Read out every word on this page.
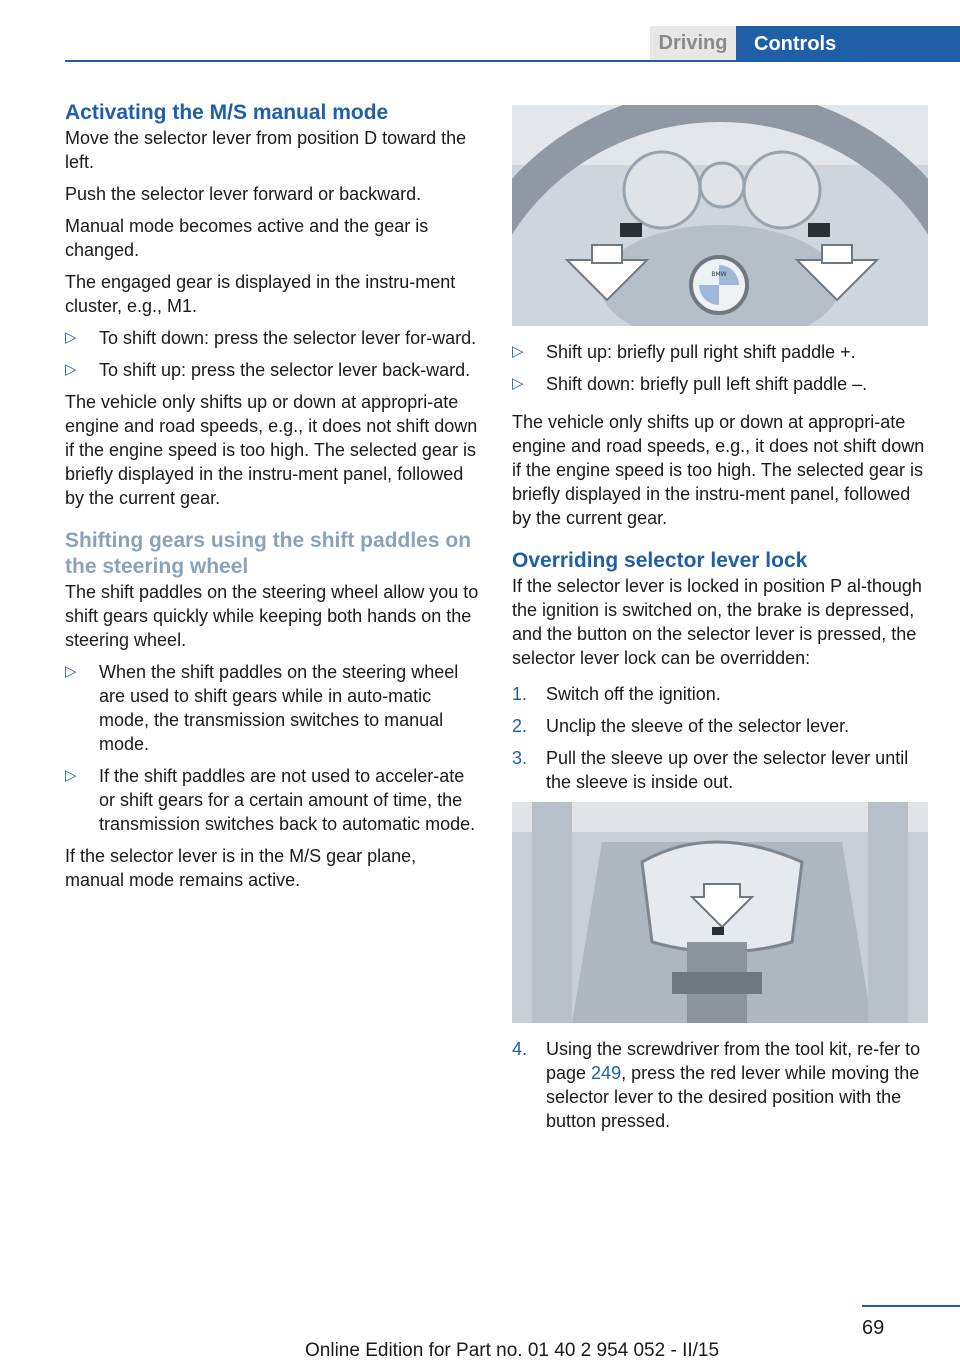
Driving	Controls
Activating the M/S manual mode

Move the selector lever from position D toward the left.

Push the selector lever forward or backward.

Manual mode becomes active and the gear is changed.

The engaged gear is displayed in the instru‐ment cluster, e.g., M1.

▷	To shift down: press the selector lever for‐ward.
▷	To shift up: press the selector lever back‐ward.

The vehicle only shifts up or down at appropri‐ate engine and road speeds, e.g., it does not shift down if the engine speed is too high. The selected gear is briefly displayed in the instru‐ment panel, followed by the current gear.

Shifting gears using the shift paddles on the steering wheel

The shift paddles on the steering wheel allow you to shift gears quickly while keeping both hands on the steering wheel.

▷	When the shift paddles on the steering wheel are used to shift gears while in auto‐matic mode, the transmission switches to manual mode.
▷	If the shift paddles are not used to acceler‐ate or shift gears for a certain amount of time, the transmission switches back to automatic mode.

If the selector lever is in the M/S gear plane, manual mode remains active.

BMW
▷	Shift up: briefly pull right shift paddle +.
▷	Shift down: briefly pull left shift paddle –.

The vehicle only shifts up or down at appropri‐ate engine and road speeds, e.g., it does not shift down if the engine speed is too high. The selected gear is briefly displayed in the instru‐ment panel, followed by the current gear.

Overriding selector lever lock

If the selector lever is locked in position P al‐though the ignition is switched on, the brake is depressed, and the button on the selector lever is pressed, the selector lever lock can be overridden:

1.	Switch off the ignition.
2.	Unclip the sleeve of the selector lever.
3.	Pull the sleeve up over the selector lever until the sleeve is inside out.
4.	Using the screwdriver from the tool kit, re‐fer to page 249, press the red lever while moving the selector lever to the desired position with the button pressed.
69
Online Edition for Part no. 01 40 2 954 052 - II/15
